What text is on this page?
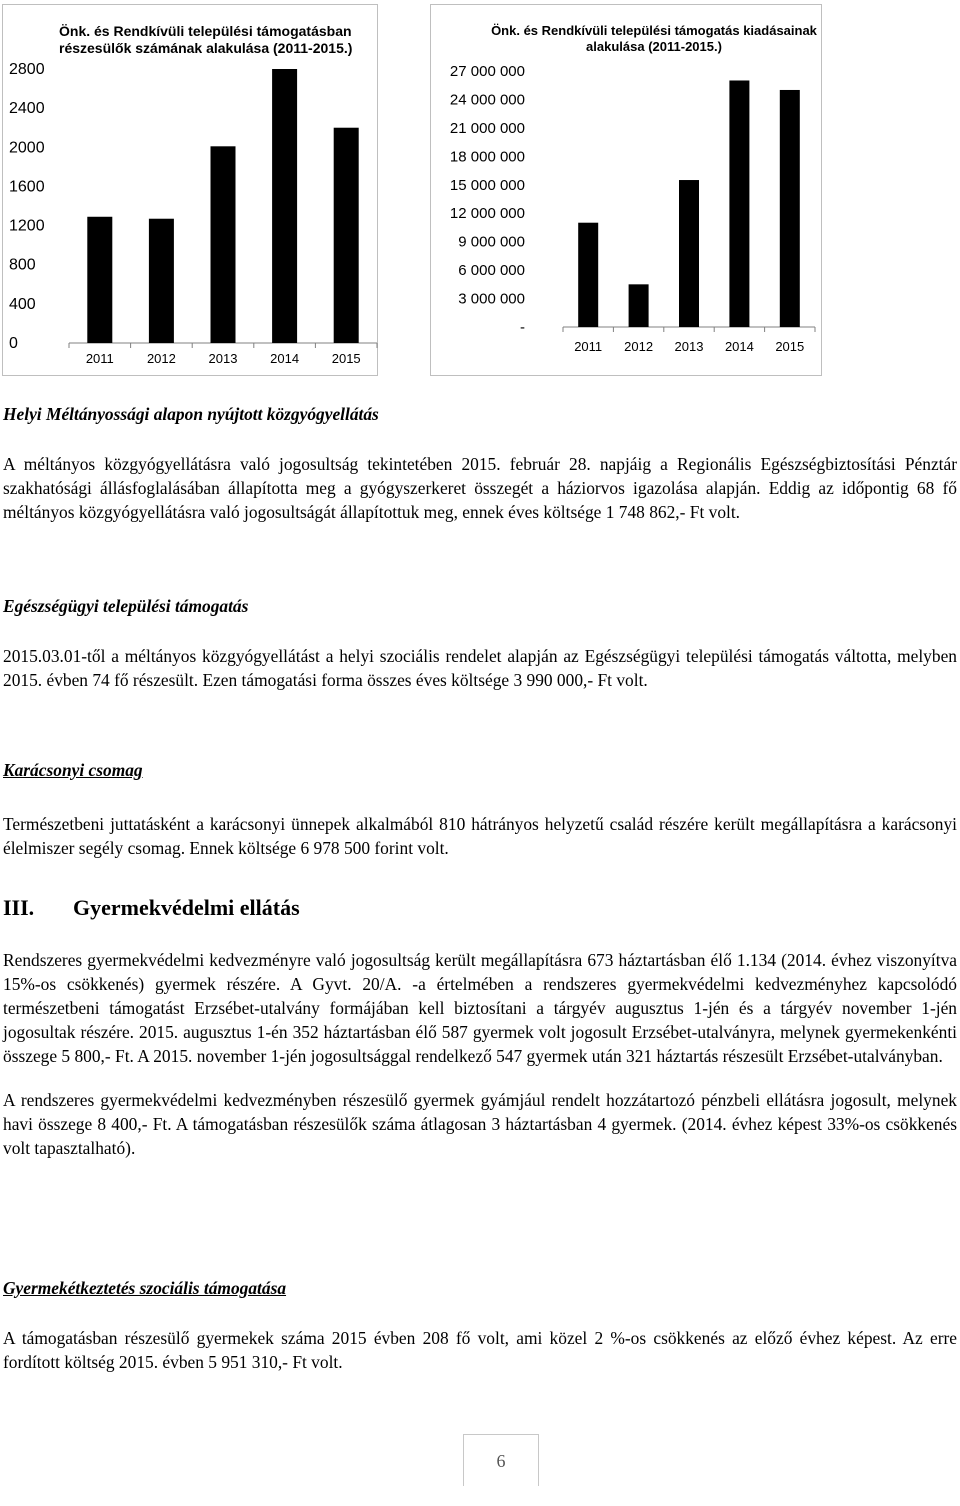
0
400
800
1200
1600
2000
2400
2800
2011	2012	2013	2014	2015
Önk. és Rendkívüli települési támogatásban részesülők számának alakulása (2011-2015.)
-
3 000 000
6 000 000
9 000 000
12 000 000
15 000 000
18 000 000
21 000 000
24 000 000
27 000 000
2011 2012 2013 2014 2015
Önk. és Rendkívüli települési támogatás kiadásainak alakulása (2011-2015.)

Helyi Méltányossági alapon nyújtott közgyógyellátás

A méltányos közgyógyellátásra való jogosultság tekintetében 2015. február 28. napjáig a Regionális Egészségbiztosítási Pénztár szakhatósági állásfoglalásában állapította meg a gyógyszerkeret összegét a háziorvos igazolása alapján. Eddig az időpontig 68 fő méltányos közgyógyellátásra való jogosultságát állapítottuk meg, ennek éves költsége 1 748 862,- Ft volt.

Egészségügyi települési támogatás

2015.03.01-től a méltányos közgyógyellátást a helyi szociális rendelet alapján az Egészségügyi települési támogatás váltotta, melyben 2015. évben 74 fő részesült. Ezen támogatási forma összes éves költsége 3 990 000,- Ft volt.

Karácsonyi csomag

Természetbeni juttatásként a karácsonyi ünnepek alkalmából 810 hátrányos helyzetű család részére került megállapításra a karácsonyi élelmiszer segély csomag. Ennek költsége 6 978 500 forint volt.

III. Gyermekvédelmi ellátás

Rendszeres gyermekvédelmi kedvezményre való jogosultság került megállapításra 673 háztartásban élő 1.134 (2014. évhez viszonyítva 15%-os csökkenés) gyermek részére. A Gyvt. 20/A. -a értelmében a rendszeres gyermekvédelmi kedvezményhez kapcsolódó természetbeni támogatást Erzsébet-utalvány formájában kell biztosítani a tárgyév augusztus 1-jén és a tárgyév november 1-jén jogosultak részére. 2015. augusztus 1-én 352 háztartásban élő 587 gyermek volt jogosult Erzsébet-utalványra, melynek gyermekenkénti összege 5 800,- Ft. A 2015. november 1-jén jogosultsággal rendelkező 547 gyermek után 321 háztartás részesült Erzsébet-utalványban.

A rendszeres gyermekvédelmi kedvezményben részesülő gyermek gyámjául rendelt hozzátartozó pénzbeli ellátásra jogosult, melynek havi összege 8 400,- Ft. A támogatásban részesülők száma átlagosan 3 háztartásban 4 gyermek. (2014. évhez képest 33%-os csökkenés volt tapasztalható).

Gyermekétkeztetés szociális támogatása

A támogatásban részesülő gyermekek száma 2015 évben 208 fő volt, ami közel 2 %-os csökkenés az előző évhez képest. Az erre fordított költség 2015. évben 5 951 310,- Ft volt.

6
